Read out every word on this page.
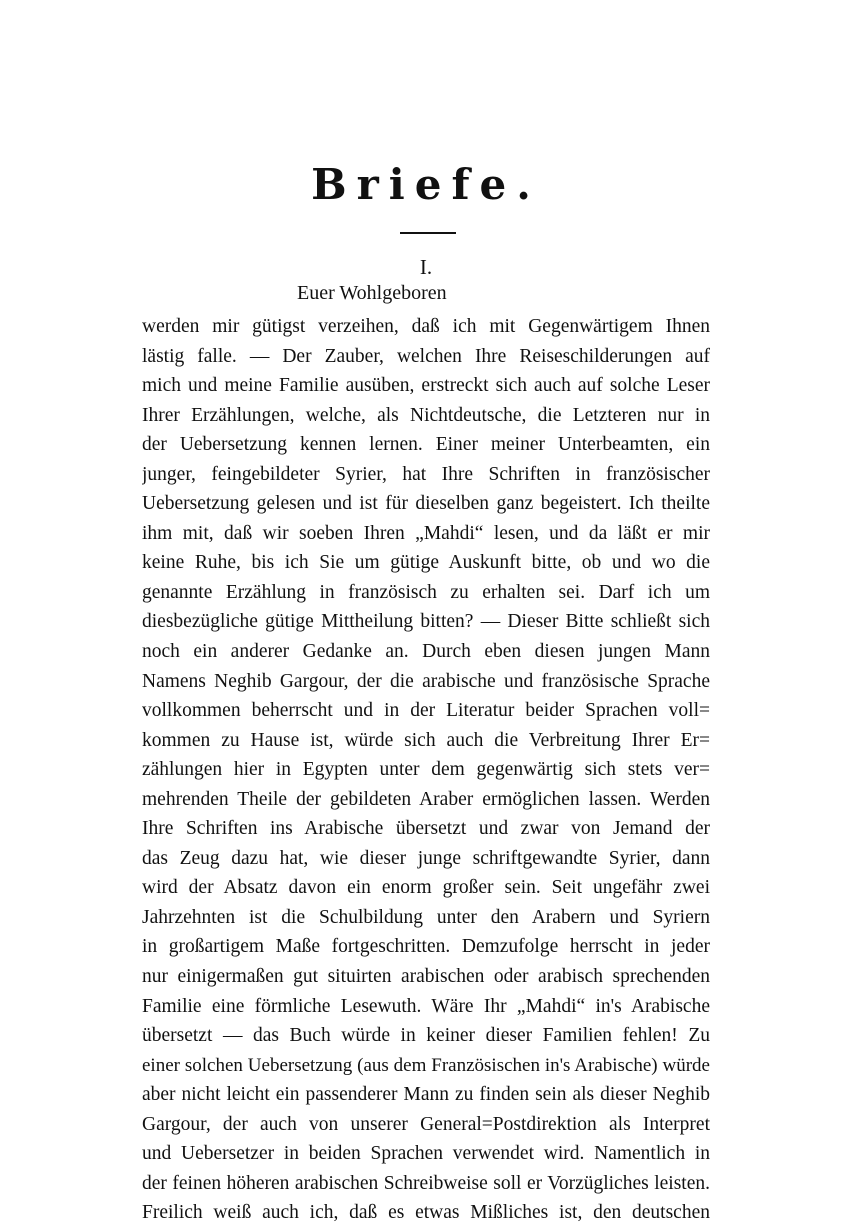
Briefe.
I.
Euer Wohlgeboren
werden mir gütigst verzeihen, daß ich mit Gegenwärtigem Ihnen
lästig falle. — Der Zauber, welchen Ihre Reiseschilderungen auf
mich und meine Familie ausüben, erstreckt sich auch auf solche Leser
Ihrer Erzählungen, welche, als Nichtdeutsche, die Letzteren nur in
der Uebersetzung kennen lernen. Einer meiner Unterbeamten, ein
junger, feingebildeter Syrier, hat Ihre Schriften in französischer
Uebersetzung gelesen und ist für dieselben ganz begeistert. Ich theilte
ihm mit, daß wir soeben Ihren „Mahdi“ lesen, und da läßt er mir
keine Ruhe, bis ich Sie um gütige Auskunft bitte, ob und wo die
genannte Erzählung in französisch zu erhalten sei. Darf ich um
diesbezügliche gütige Mittheilung bitten? — Dieser Bitte schließt sich
noch ein anderer Gedanke an. Durch eben diesen jungen Mann
Namens Neghib Gargour, der die arabische und französische Sprache
vollkommen beherrscht und in der Literatur beider Sprachen voll=
kommen zu Hause ist, würde sich auch die Verbreitung Ihrer Er=
zählungen hier in Egypten unter dem gegenwärtig sich stets ver=
mehrenden Theile der gebildeten Araber ermöglichen lassen. Werden
Ihre Schriften ins Arabische übersetzt und zwar von Jemand der
das Zeug dazu hat, wie dieser junge schriftgewandte Syrier, dann
wird der Absatz davon ein enorm großer sein. Seit ungefähr zwei
Jahrzehnten ist die Schulbildung unter den Arabern und Syriern
in großartigem Maße fortgeschritten. Demzufolge herrscht in jeder
nur einigermaßen gut situirten arabischen oder arabisch sprechenden
Familie eine förmliche Lesewuth. Wäre Ihr „Mahdi“ in's Arabische
übersetzt — das Buch würde in keiner dieser Familien fehlen! Zu
einer solchen Uebersetzung (aus dem Französischen in's Arabische) würde
aber nicht leicht ein passenderer Mann zu finden sein als dieser Neghib
Gargour, der auch von unserer General=Postdirektion als Interpret
und Uebersetzer in beiden Sprachen verwendet wird. Namentlich in
der feinen höheren arabischen Schreibweise soll er Vorzügliches leisten.
Freilich weiß auch ich, daß es etwas Mißliches ist, den deutschen
